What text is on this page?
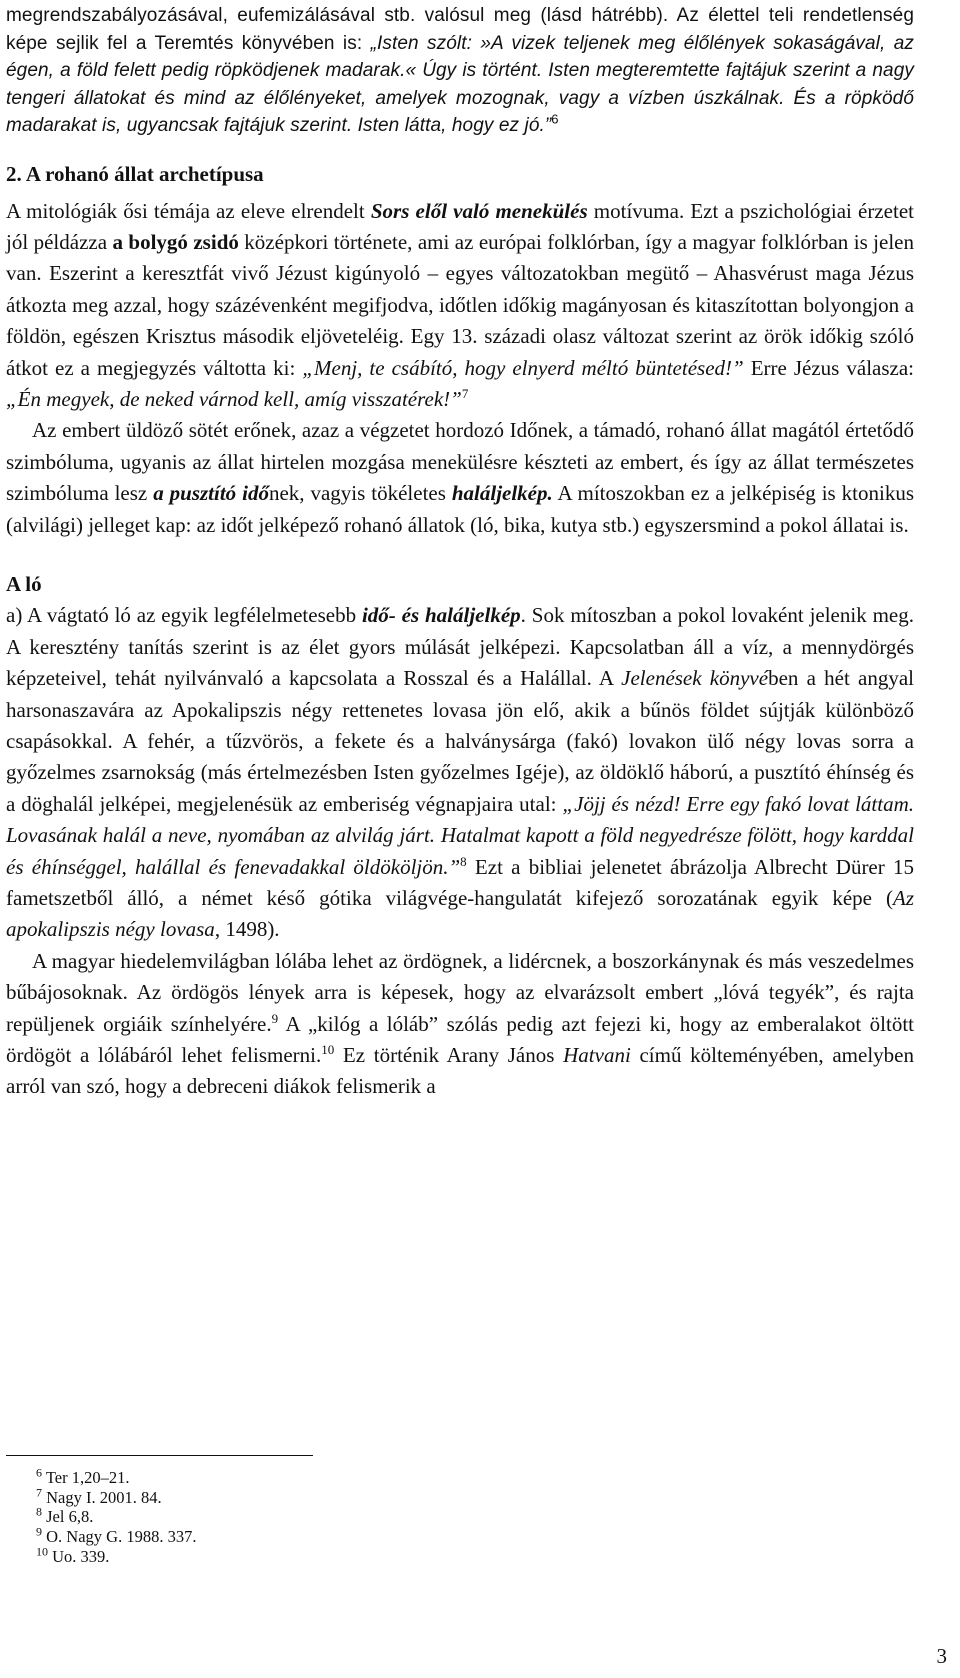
megrendszabályozásával, eufemizálásával stb. valósul meg (lásd hátrébb). Az élettel teli rendetlenség képe sejlik fel a Teremtés könyvében is: „Isten szólt: »A vizek teljenek meg élőlények sokaságával, az égen, a föld felett pedig röpködjenek madarak.« Úgy is történt. Isten megteremtette fajtájuk szerint a nagy tengeri állatokat és mind az élőlényeket, amelyek mozognak, vagy a vízben úszkálnak. És a röpködő madarakat is, ugyancsak fajtájuk szerint. Isten látta, hogy ez jó.”$^6$

2. A rohanó állat archetípusa

A mitológiák ősi témája az eleve elrendelt Sors elől való menekülés motívuma. Ezt a pszichológiai érzetet jól példázza a bolygó zsidó középkori története, ami az európai folklórban, így a magyar folklórban is jelen van. Eszerint a keresztfát vivő Jézust kigúnyoló – egyes változatokban megütő – Ahasvérust maga Jézus átkozta meg azzal, hogy százévenként megifjodva, időtlen időkig magányosan és kitaszítottan bolyongjon a földön, egészen Krisztus második eljöveteléig. Egy 13. századi olasz változat szerint az örök időkig szóló átkot ez a megjegyzés váltotta ki: „Menj, te csábító, hogy elnyerd méltó büntetésed!” Erre Jézus válasza: „Én megyek, de neked várnod kell, amíg visszatérek!”$^7$

Az embert üldöző sötét erőnek, azaz a végzetet hordozó Időnek, a támadó, rohanó állat magától értetődő szimbóluma, ugyanis az állat hirtelen mozgása menekülésre készteti az embert, és így az állat természetes szimbóluma lesz a pusztító időnek, vagyis tökéletes haláljelkép. A mítoszokban ez a jelképiség is ktonikus (alvilági) jelleget kap: az időt jelképező rohanó állatok (ló, bika, kutya stb.) egyszersmind a pokol állatai is.

A ló

a) A vágtató ló az egyik legfélelmetesebb idő- és haláljelkép. Sok mítoszban a pokol lovaként jelenik meg. A keresztény tanítás szerint is az élet gyors múlását jelképezi. Kapcsolatban áll a víz, a mennydörgés képzeteivel, tehát nyilvánvaló a kapcsolata a Rosszal és a Halállal. A Jelenések könyvében a hét angyal harsonaszavára az Apokalipszis négy rettenetes lovasa jön elő, akik a bűnös földet sújtják különböző csapásokkal. A fehér, a tűzvörös, a fekete és a halványsárga (fakó) lovakon ülő négy lovas sorra a győzelmes zsarnokság (más értelmezésben Isten győzelmes Igéje), az öldöklő háború, a pusztító éhínség és a döghalál jelképei, megjelenésük az emberiség végnapjaira utal: „Jöjj és nézd! Erre egy fakó lovat láttam. Lovasának halál a neve, nyomában az alvilág járt. Hatalmat kapott a föld negyedrésze fölött, hogy karddal és éhínséggel, halállal és fenevadakkal öldököljön.”$^8$ Ezt a bibliai jelenetet ábrázolja Albrecht Dürer 15 fametszetből álló, a német késő gótika világvége-hangulatát kifejező sorozatának egyik képe (Az apokalipszis négy lovasa, 1498).

A magyar hiedelemvilágban lólába lehet az ördögnek, a lidércnek, a boszorkánynak és más veszedelmes bűbájosoknak. Az ördögös lények arra is képesek, hogy az elvarázsolt embert „lóvá tegyék”, és rajta repüljenek orgiáik színhelyére.$^9$ A „kilóg a lóláb” szólás pedig azt fejezi ki, hogy az emberalakot öltött ördögöt a lólábáról lehet felismerni.$^{10}$ Ez történik Arany János Hatvani című költeményében, amelyben arról van szó, hogy a debreceni diákok felismerik a

$^6$ Ter 1,20–21.
$^7$ Nagy I. 2001. 84.
$^8$ Jel 6,8.
$^9$ O. Nagy G. 1988. 337.
$^{10}$ Uo. 339.
3
